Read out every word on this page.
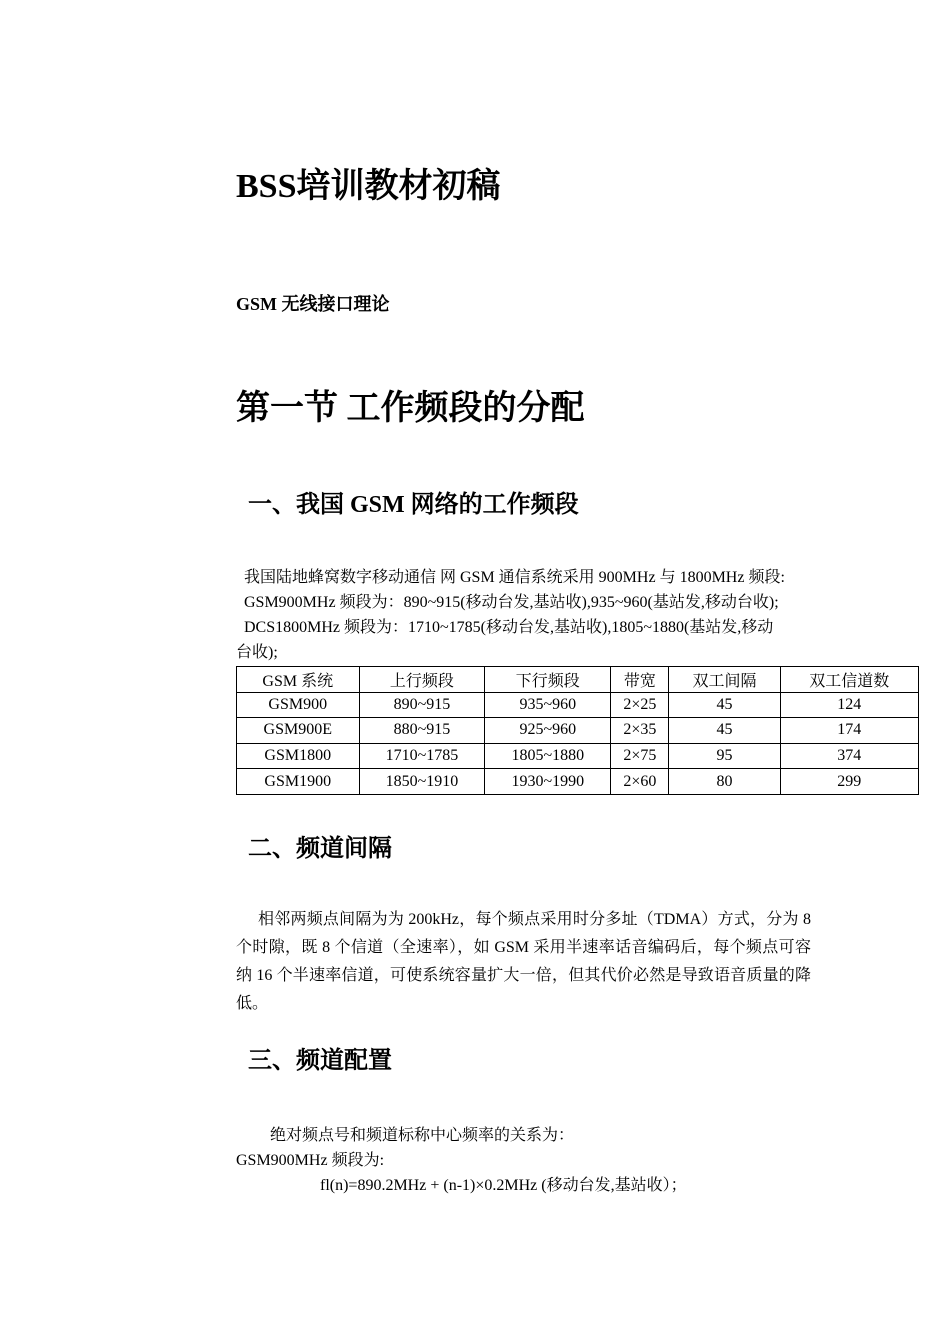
BSS培训教材初稿
GSM 无线接口理论
第一节 工作频段的分配
一、我国 GSM 网络的工作频段
我国陆地蜂窝数字移动通信 网 GSM 通信系统采用 900MHz 与 1800MHz 频段:
GSM900MHz 频段为：890~915(移动台发,基站收),935~960(基站发,移动台收);
DCS1800MHz 频段为：1710~1785(移动台发,基站收),1805~1880(基站发,移动
台收);
GSM 系统	上行频段	下行频段	带宽	双工间隔	双工信道数
GSM900	890~915	935~960	2×25	45	124
GSM900E	880~915	925~960	2×35	45	174
GSM1800	1710~1785	1805~1880	2×75	95	374
GSM1900	1850~1910	1930~1990	2×60	80	299
二、频道间隔
相邻两频点间隔为为 200kHz，每个频点采用时分多址（TDMA）方式，分为 8 个时隙，既 8 个信道（全速率），如 GSM 采用半速率话音编码后，每个频点可容纳 16 个半速率信道，可使系统容量扩大一倍，但其代价必然是导致语音质量的降低。
三、频道配置
绝对频点号和频道标称中心频率的关系为：
GSM900MHz 频段为:
fl(n)=890.2MHz + (n-1)×0.2MHz (移动台发,基站收）；
